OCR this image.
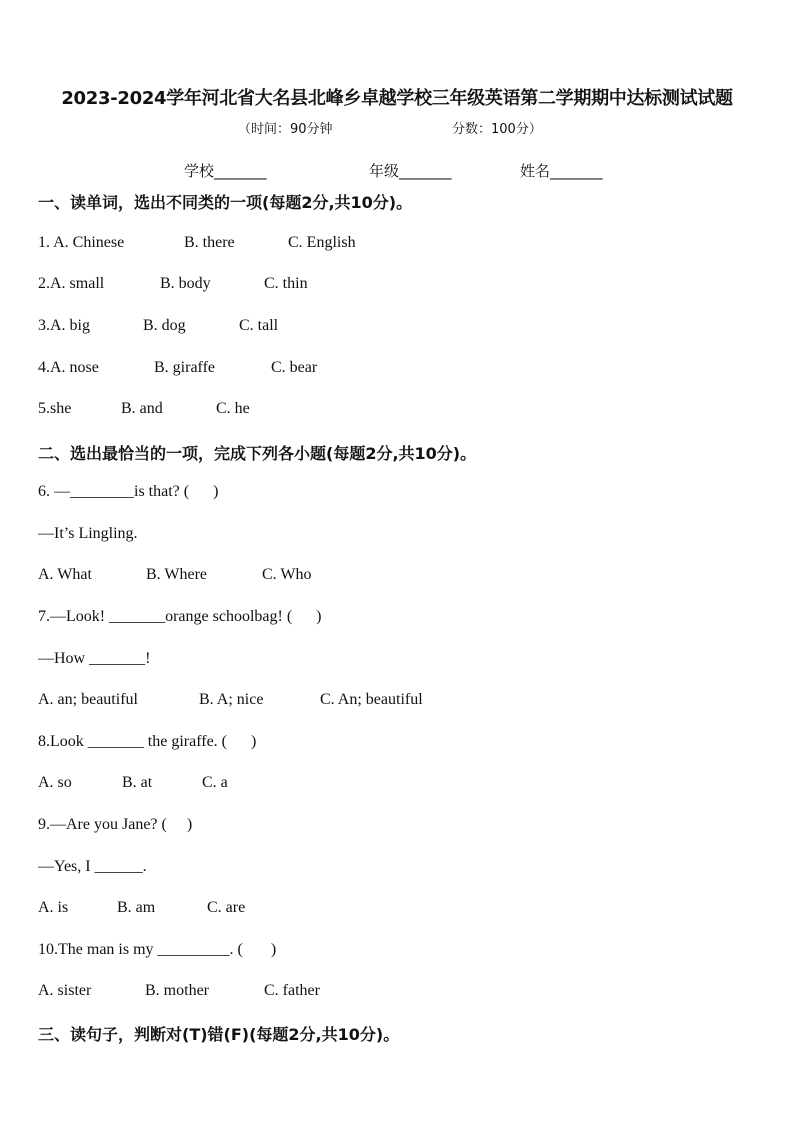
2023-2024学年河北省大名县北峰乡卓越学校三年级英语第二学期期中达标测试试题
（时间：90分钟	分数：100分）
学校_______	年级_______	姓名_______
一、读单词，选出不同类的一项(每题2分,共10分)。
1. A. Chinese	B. there	C. English
2.A. small	B. body	C. thin
3.A. big	B. dog	C. tall
4.A. nose	B. giraffe	C. bear
5.she	B. and	C. he
二、选出最恰当的一项，完成下列各小题(每题2分,共10分)。
6. —________is that? (      )
—It’s Lingling.
A. What	B. Where	C. Who
7.—Look! _______orange schoolbag! (      )
—How _______!
A. an; beautiful	B. A; nice	C. An; beautiful
8.Look _______ the giraffe. (      )
A. so	B. at	C. a
9.—Are you Jane? (     )
—Yes, I ______.
A. is	B. am	C. are
10.The man is my _________. (       )
A. sister	B. mother	C. father
三、读句子，判断对(T)错(F)(每题2分,共10分)。
